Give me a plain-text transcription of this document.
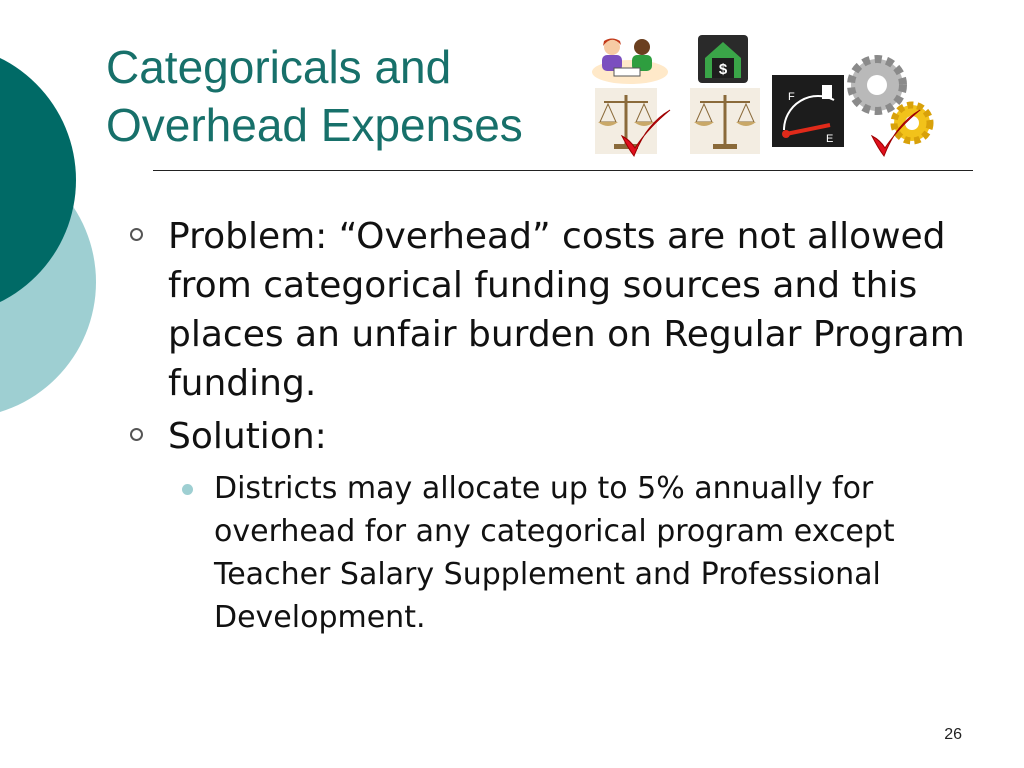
Categoricals and
Overhead Expenses
$
F
E
Problem: “Overhead” costs are not allowed from categorical funding sources and this places an unfair burden on Regular Program funding.
Solution:
Districts may allocate up to 5% annually for overhead for any categorical program except Teacher Salary Supplement and Professional Development.
26
